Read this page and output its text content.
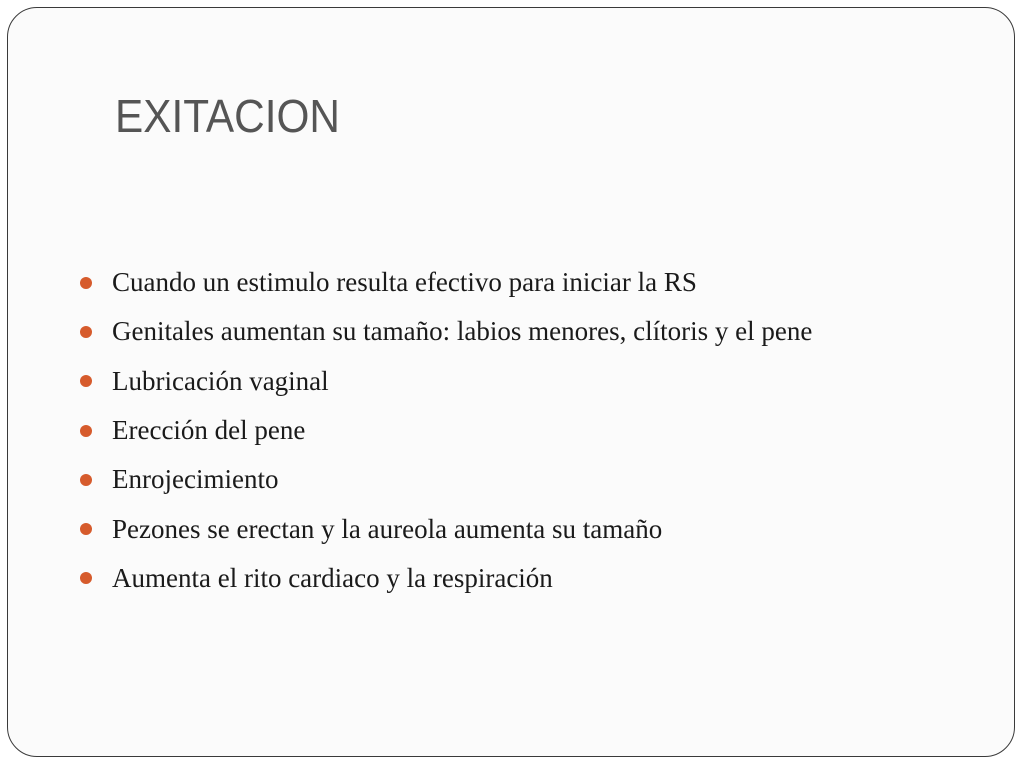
EXITACION
Cuando un estimulo resulta efectivo para iniciar la RS
Genitales aumentan su tamaño: labios menores, clítoris y el pene
Lubricación vaginal
Erección del pene
Enrojecimiento
Pezones se erectan y la aureola aumenta su tamaño
Aumenta el rito cardiaco y la respiración
